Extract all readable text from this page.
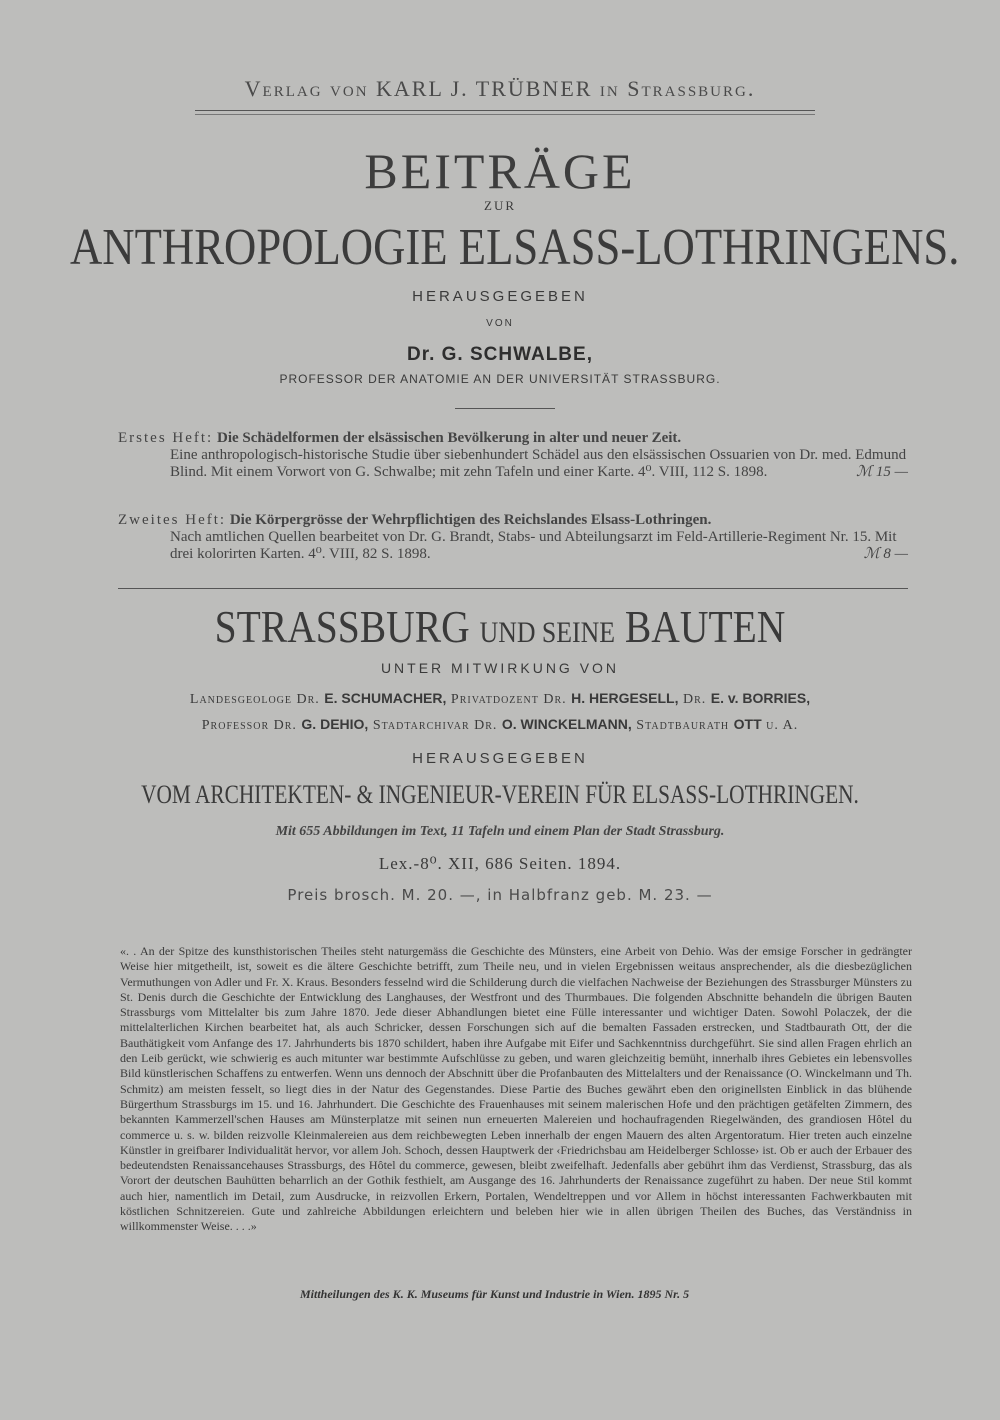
Verlag von KARL J. TRÜBNER in Strassburg.
BEITRÄGE
ZUR
ANTHROPOLOGIE ELSASS-LOTHRINGENS.
HERAUSGEGEBEN
VON
Dr. G. SCHWALBE,
PROFESSOR DER ANATOMIE AN DER UNIVERSITÄT STRASSBURG.
Erstes Heft: Die Schädelformen der elsässischen Bevölkerung in alter und neuer Zeit.
Eine anthropologisch-historische Studie über siebenhundert Schädel aus den elsässischen Ossuarien von Dr. med. Edmund Blind. Mit einem Vorwort von G. Schwalbe; mit zehn Tafeln und einer Karte. 4⁰. VIII, 112 S. 1898.	ℳ 15 —
Zweites Heft: Die Körpergrösse der Wehrpflichtigen des Reichslandes Elsass-Lothringen.
Nach amtlichen Quellen bearbeitet von Dr. G. Brandt, Stabs- und Abteilungsarzt im Feld-Artillerie-Regiment Nr. 15. Mit drei kolorirten Karten. 4⁰. VIII, 82 S. 1898.	ℳ 8 —
STRASSBURG UND SEINE BAUTEN
UNTER MITWIRKUNG VON
Landesgeologe Dr. E. SCHUMACHER, Privatdozent Dr. H. HERGESELL, Dr. E. v. BORRIES,
Professor Dr. G. DEHIO, Stadtarchivar Dr. O. WINCKELMANN, Stadtbaurath OTT u. A.
HERAUSGEGEBEN
VOM ARCHITEKTEN- & INGENIEUR-VEREIN FÜR ELSASS-LOTHRINGEN.
Mit 655 Abbildungen im Text, 11 Tafeln und einem Plan der Stadt Strassburg.
Lex.-8⁰. XII, 686 Seiten. 1894.
Preis brosch. M. 20. —, in Halbfranz geb. M. 23. —
«. . An der Spitze des kunsthistorischen Theiles steht naturgemäss die Geschichte des Münsters, eine Arbeit von Dehio. Was der emsige Forscher in gedrängter Weise hier mitgetheilt, ist, soweit es die ältere Geschichte betrifft, zum Theile neu, und in vielen Ergebnissen weitaus ansprechender, als die diesbezüglichen Vermuthungen von Adler und Fr. X. Kraus. Besonders fesselnd wird die Schilderung durch die vielfachen Nachweise der Beziehungen des Strassburger Münsters zu St. Denis durch die Geschichte der Entwicklung des Langhauses, der Westfront und des Thurmbaues. Die folgenden Abschnitte behandeln die übrigen Bauten Strassburgs vom Mittelalter bis zum Jahre 1870. Jede dieser Abhandlungen bietet eine Fülle interessanter und wichtiger Daten. Sowohl Polaczek, der die mittelalterlichen Kirchen bearbeitet hat, als auch Schricker, dessen Forschungen sich auf die bemalten Fassaden erstrecken, und Stadtbaurath Ott, der die Bauthätigkeit vom Anfange des 17. Jahrhunderts bis 1870 schildert, haben ihre Aufgabe mit Eifer und Sachkenntniss durchgeführt. Sie sind allen Fragen ehrlich an den Leib gerückt, wie schwierig es auch mitunter war bestimmte Aufschlüsse zu geben, und waren gleichzeitig bemüht, innerhalb ihres Gebietes ein lebensvolles Bild künstlerischen Schaffens zu entwerfen. Wenn uns dennoch der Abschnitt über die Profanbauten des Mittelalters und der Renaissance (O. Winckelmann und Th. Schmitz) am meisten fesselt, so liegt dies in der Natur des Gegenstandes. Diese Partie des Buches gewährt eben den originellsten Einblick in das blühende Bürgerthum Strassburgs im 15. und 16. Jahrhundert. Die Geschichte des Frauenhauses mit seinem malerischen Hofe und den prächtigen getäfelten Zimmern, des bekannten Kammerzell'schen Hauses am Münsterplatze mit seinen nun erneuerten Malereien und hochaufragenden Riegelwänden, des grandiosen Hôtel du commerce u. s. w. bilden reizvolle Kleinmalereien aus dem reichbewegten Leben innerhalb der engen Mauern des alten Argentoratum. Hier treten auch einzelne Künstler in greifbarer Individualität hervor, vor allem Joh. Schoch, dessen Hauptwerk der ‹Friedrichsbau am Heidelberger Schlosse› ist. Ob er auch der Erbauer des bedeutendsten Renaissancehauses Strassburgs, des Hôtel du commerce, gewesen, bleibt zweifelhaft. Jedenfalls aber gebührt ihm das Verdienst, Strassburg, das als Vorort der deutschen Bauhütten beharrlich an der Gothik festhielt, am Ausgange des 16. Jahrhunderts der Renaissance zugeführt zu haben. Der neue Stil kommt auch hier, namentlich im Detail, zum Ausdrucke, in reizvollen Erkern, Portalen, Wendeltreppen und vor Allem in höchst interessanten Fachwerkbauten mit köstlichen Schnitzereien. Gute und zahlreiche Abbildungen erleichtern und beleben hier wie in allen übrigen Theilen des Buches, das Verständniss in willkommenster Weise. . . .»
Mittheilungen des K. K. Museums für Kunst und Industrie in Wien. 1895 Nr. 5
